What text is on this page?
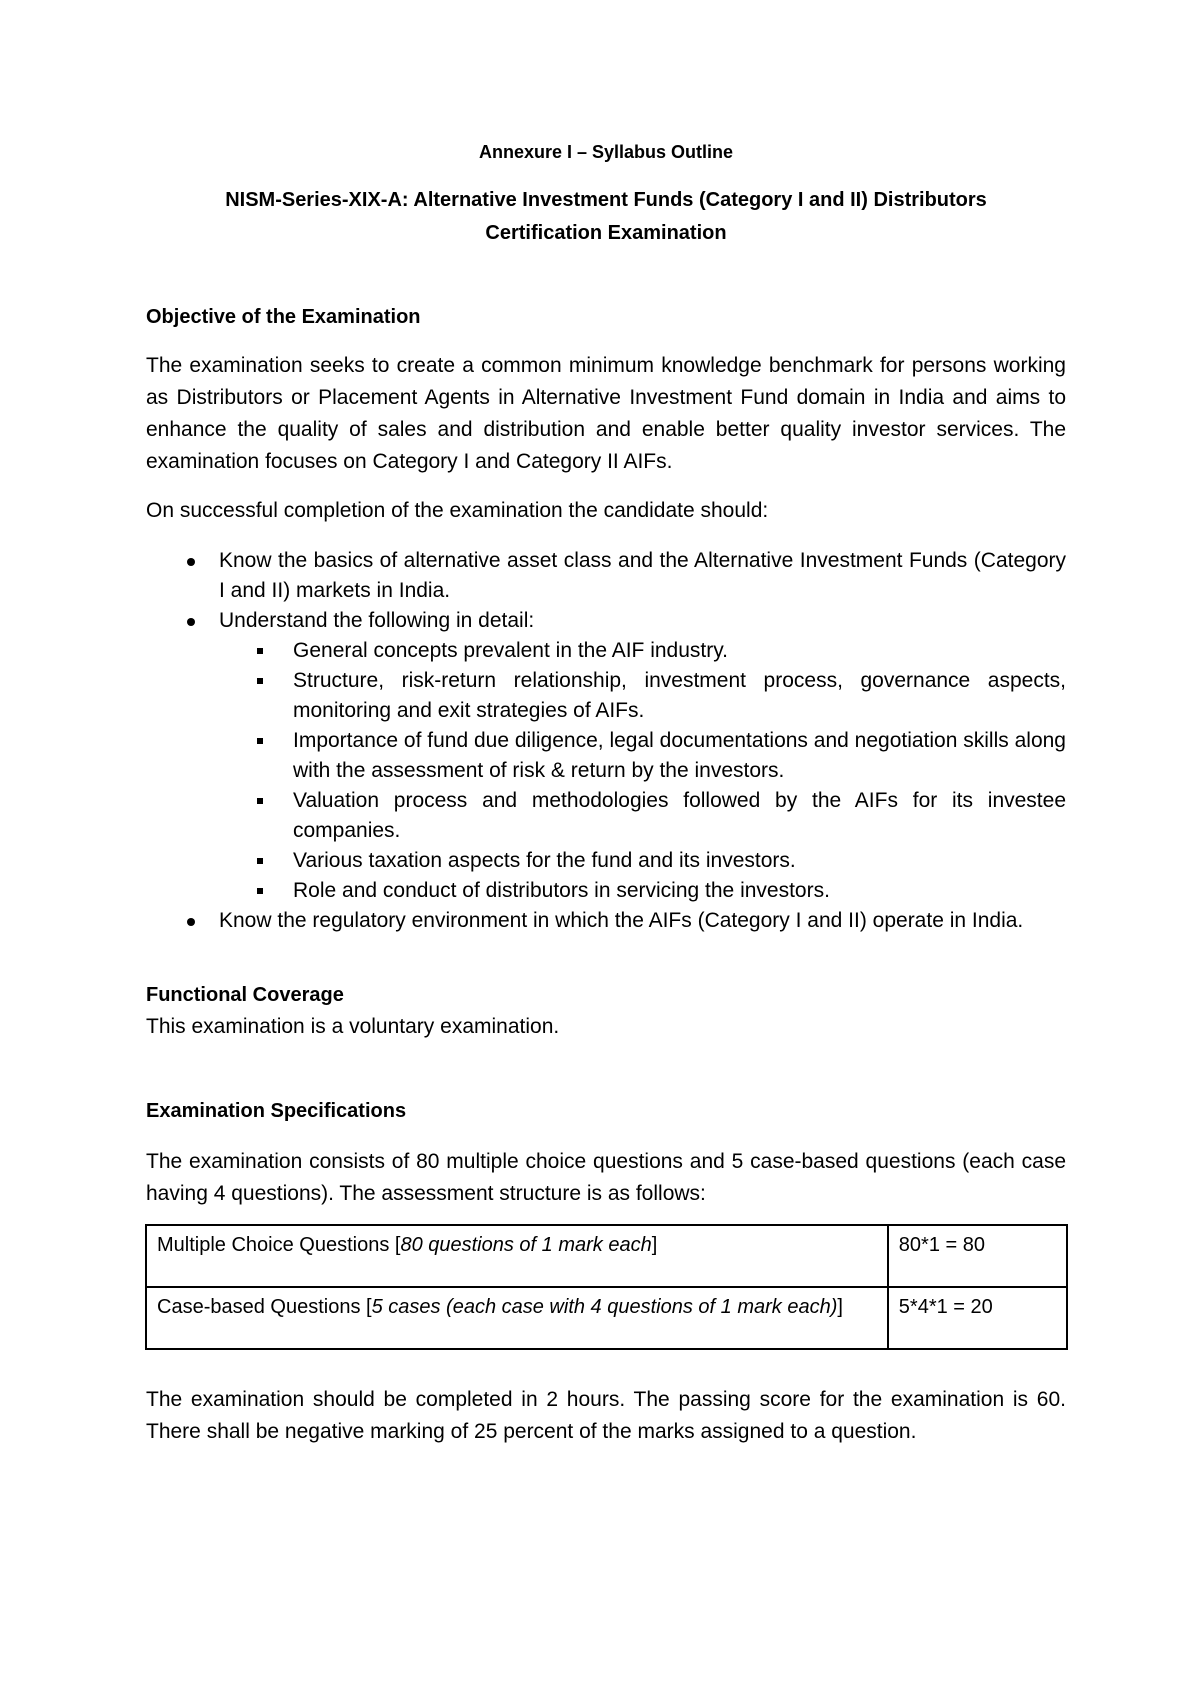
Annexure I – Syllabus Outline

NISM-Series-XIX-A: Alternative Investment Funds (Category I and II) Distributors

Certification Examination

Objective of the Examination

The examination seeks to create a common minimum knowledge benchmark for persons working as Distributors or Placement Agents in Alternative Investment Fund domain in India and aims to enhance the quality of sales and distribution and enable better quality investor services. The examination focuses on Category I and Category II AIFs.

On successful completion of the examination the candidate should:

Know the basics of alternative asset class and the Alternative Investment Funds (Category I and II) markets in India.
Understand the following in detail:
General concepts prevalent in the AIF industry.
Structure, risk-return relationship, investment process, governance aspects, monitoring and exit strategies of AIFs.
Importance of fund due diligence, legal documentations and negotiation skills along with the assessment of risk & return by the investors.
Valuation process and methodologies followed by the AIFs for its investee companies.
Various taxation aspects for the fund and its investors.
Role and conduct of distributors in servicing the investors.
Know the regulatory environment in which the AIFs (Category I and II) operate in India.
Functional Coverage

This examination is a voluntary examination.

Examination Specifications

The examination consists of 80 multiple choice questions and 5 case-based questions (each case having 4 questions). The assessment structure is as follows:

Multiple Choice Questions [80 questions of 1 mark each]	80*1 = 80
Case-based Questions [5 cases (each case with 4 questions of 1 mark each)]	5*4*1 = 20

The examination should be completed in 2 hours. The passing score for the examination is 60. There shall be negative marking of 25 percent of the marks assigned to a question.
